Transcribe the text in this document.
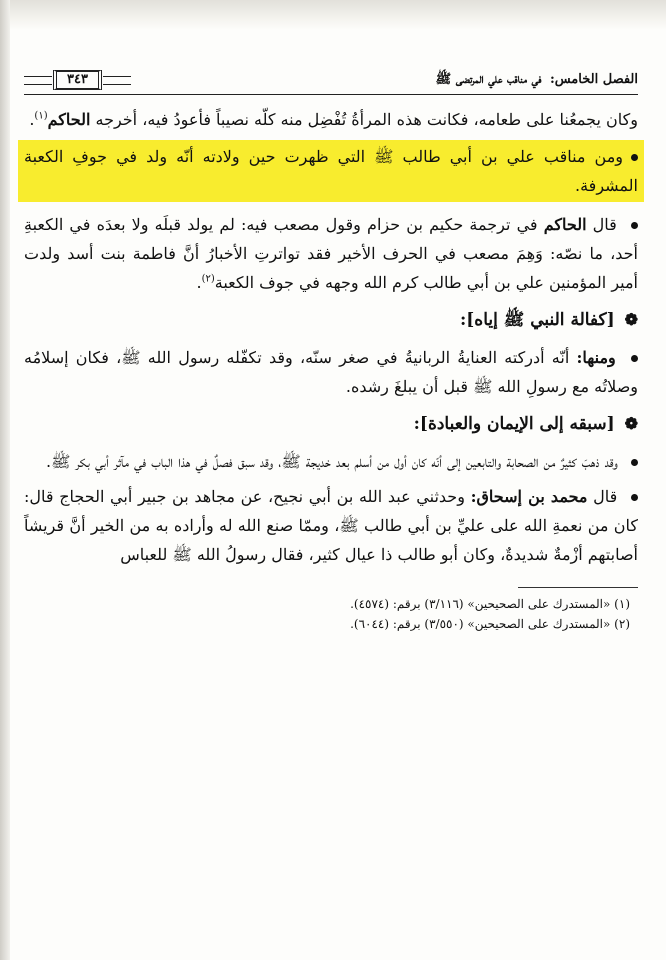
الفصل الخامس: في مناقب علي المرتضى ﷺ
٣٤٣

وكان يجمعُنا على طعامه، فكانت هذه المرأةُ تُفْضِل منه كلّه نصيباً فأعودُ فيه، أخرجه الحاكم$^{(١)}$.

ومن مناقب علي بن أبي طالب ﷺ التي ظهرت حين ولادته أنّه ولد في جوفِ الكعبة المشرفة.

قال الحاكم في ترجمة حكيم بن حزام وقول مصعب فيه: لم يولد قبلَه ولا بعدَه في الكعبةِ أحد، ما نصّه: وَهِمَ مصعب في الحرف الأخير فقد تواترتِ الأخبارُ أنَّ فاطمة بنت أسد ولدت أمير المؤمنين علي بن أبي طالب كرم الله وجهه في جوف الكعبة$^{(٢)}$.

❁ [كفالة النبي ﷺ إياه]:

ومنها: أنّه أدركته العنايةُ الربانيةُ في صغر سنّه، وقد تكفّله رسول الله ﷺ، فكان إسلامُه وصلاتُه مع رسولِ الله ﷺ قبل أن يبلغَ رشده.

❁ [سبقه إلى الإيمان والعبادة]:

وقد ذهبَ كثيرٌ من الصحابة والتابعين إلى أنّه كان أول من أسلم بعد خديجة ﷺ، وقد سبق فصلٌ في هذا الباب في مآثر أبي بكر ﷺ.

قال محمد بن إسحاق: وحدثني عبد الله بن أبي نجيح، عن مجاهد بن جبير أبي الحجاج قال: كان من نعمةِ الله على عليِّ بن أبي طالب ﷺ، وممّا صنع الله له وأراده به من الخير أنَّ قريشاً أصابتهم أزْمةٌ شديدةٌ، وكان أبو طالب ذا عيال كثير، فقال رسولُ الله ﷺ للعباس

(١) «المستدرك على الصحيحين» (٣/١١٦) برقم: (٤٥٧٤).

(٢) «المستدرك على الصحيحين» (٣/٥٥٠) برقم: (٦٠٤٤).
